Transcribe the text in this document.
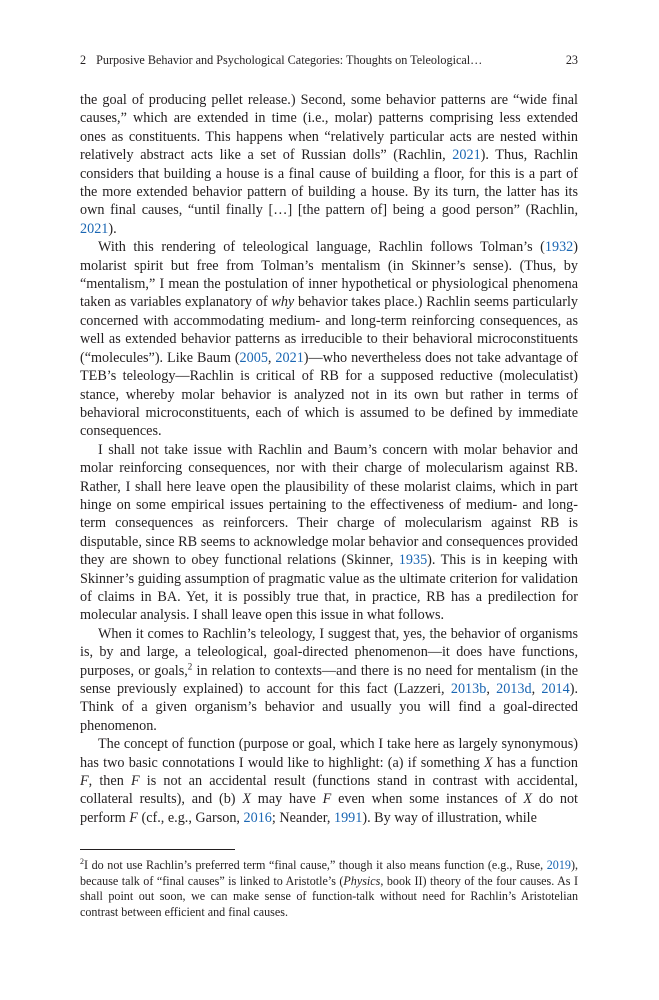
2 Purposive Behavior and Psychological Categories: Thoughts on Teleological…	23

the goal of producing pellet release.) Second, some behavior patterns are “wide final causes,” which are extended in time (i.e., molar) patterns comprising less extended ones as constituents. This happens when “relatively particular acts are nested within relatively abstract acts like a set of Russian dolls” (Rachlin, 2021). Thus, Rachlin considers that building a house is a final cause of building a floor, for this is a part of the more extended behavior pattern of building a house. By its turn, the latter has its own final causes, “until finally […] [the pattern of] being a good person” (Rachlin, 2021).

With this rendering of teleological language, Rachlin follows Tolman’s (1932) molarist spirit but free from Tolman’s mentalism (in Skinner’s sense). (Thus, by “mentalism,” I mean the postulation of inner hypothetical or physiological phenomena taken as variables explanatory of why behavior takes place.) Rachlin seems particularly concerned with accommodating medium- and long-term reinforcing consequences, as well as extended behavior patterns as irreducible to their behavioral microconstituents (“molecules”). Like Baum (2005, 2021)—who nevertheless does not take advantage of TEB’s teleology—Rachlin is critical of RB for a supposed reductive (moleculatist) stance, whereby molar behavior is analyzed not in its own but rather in terms of behavioral microconstituents, each of which is assumed to be defined by immediate consequences.

I shall not take issue with Rachlin and Baum’s concern with molar behavior and molar reinforcing consequences, nor with their charge of molecularism against RB. Rather, I shall here leave open the plausibility of these molarist claims, which in part hinge on some empirical issues pertaining to the effectiveness of medium- and long-term consequences as reinforcers. Their charge of molecularism against RB is disputable, since RB seems to acknowledge molar behavior and consequences provided they are shown to obey functional relations (Skinner, 1935). This is in keeping with Skinner’s guiding assumption of pragmatic value as the ultimate criterion for validation of claims in BA. Yet, it is possibly true that, in practice, RB has a predilection for molecular analysis. I shall leave open this issue in what follows.

When it comes to Rachlin’s teleology, I suggest that, yes, the behavior of organisms is, by and large, a teleological, goal-directed phenomenon—it does have functions, purposes, or goals,$^2$ in relation to contexts—and there is no need for mentalism (in the sense previously explained) to account for this fact (Lazzeri, 2013b, 2013d, 2014). Think of a given organism’s behavior and usually you will find a goal-directed phenomenon.

The concept of function (purpose or goal, which I take here as largely synonymous) has two basic connotations I would like to highlight: (a) if something X has a function F, then F is not an accidental result (functions stand in contrast with accidental, collateral results), and (b) X may have F even when some instances of X do not perform F (cf., e.g., Garson, 2016; Neander, 1991). By way of illustration, while

$^2$I do not use Rachlin’s preferred term “final cause,” though it also means function (e.g., Ruse, 2019), because talk of “final causes” is linked to Aristotle’s (Physics, book II) theory of the four causes. As I shall point out soon, we can make sense of function-talk without need for Rachlin’s Aristotelian contrast between efficient and final causes.
